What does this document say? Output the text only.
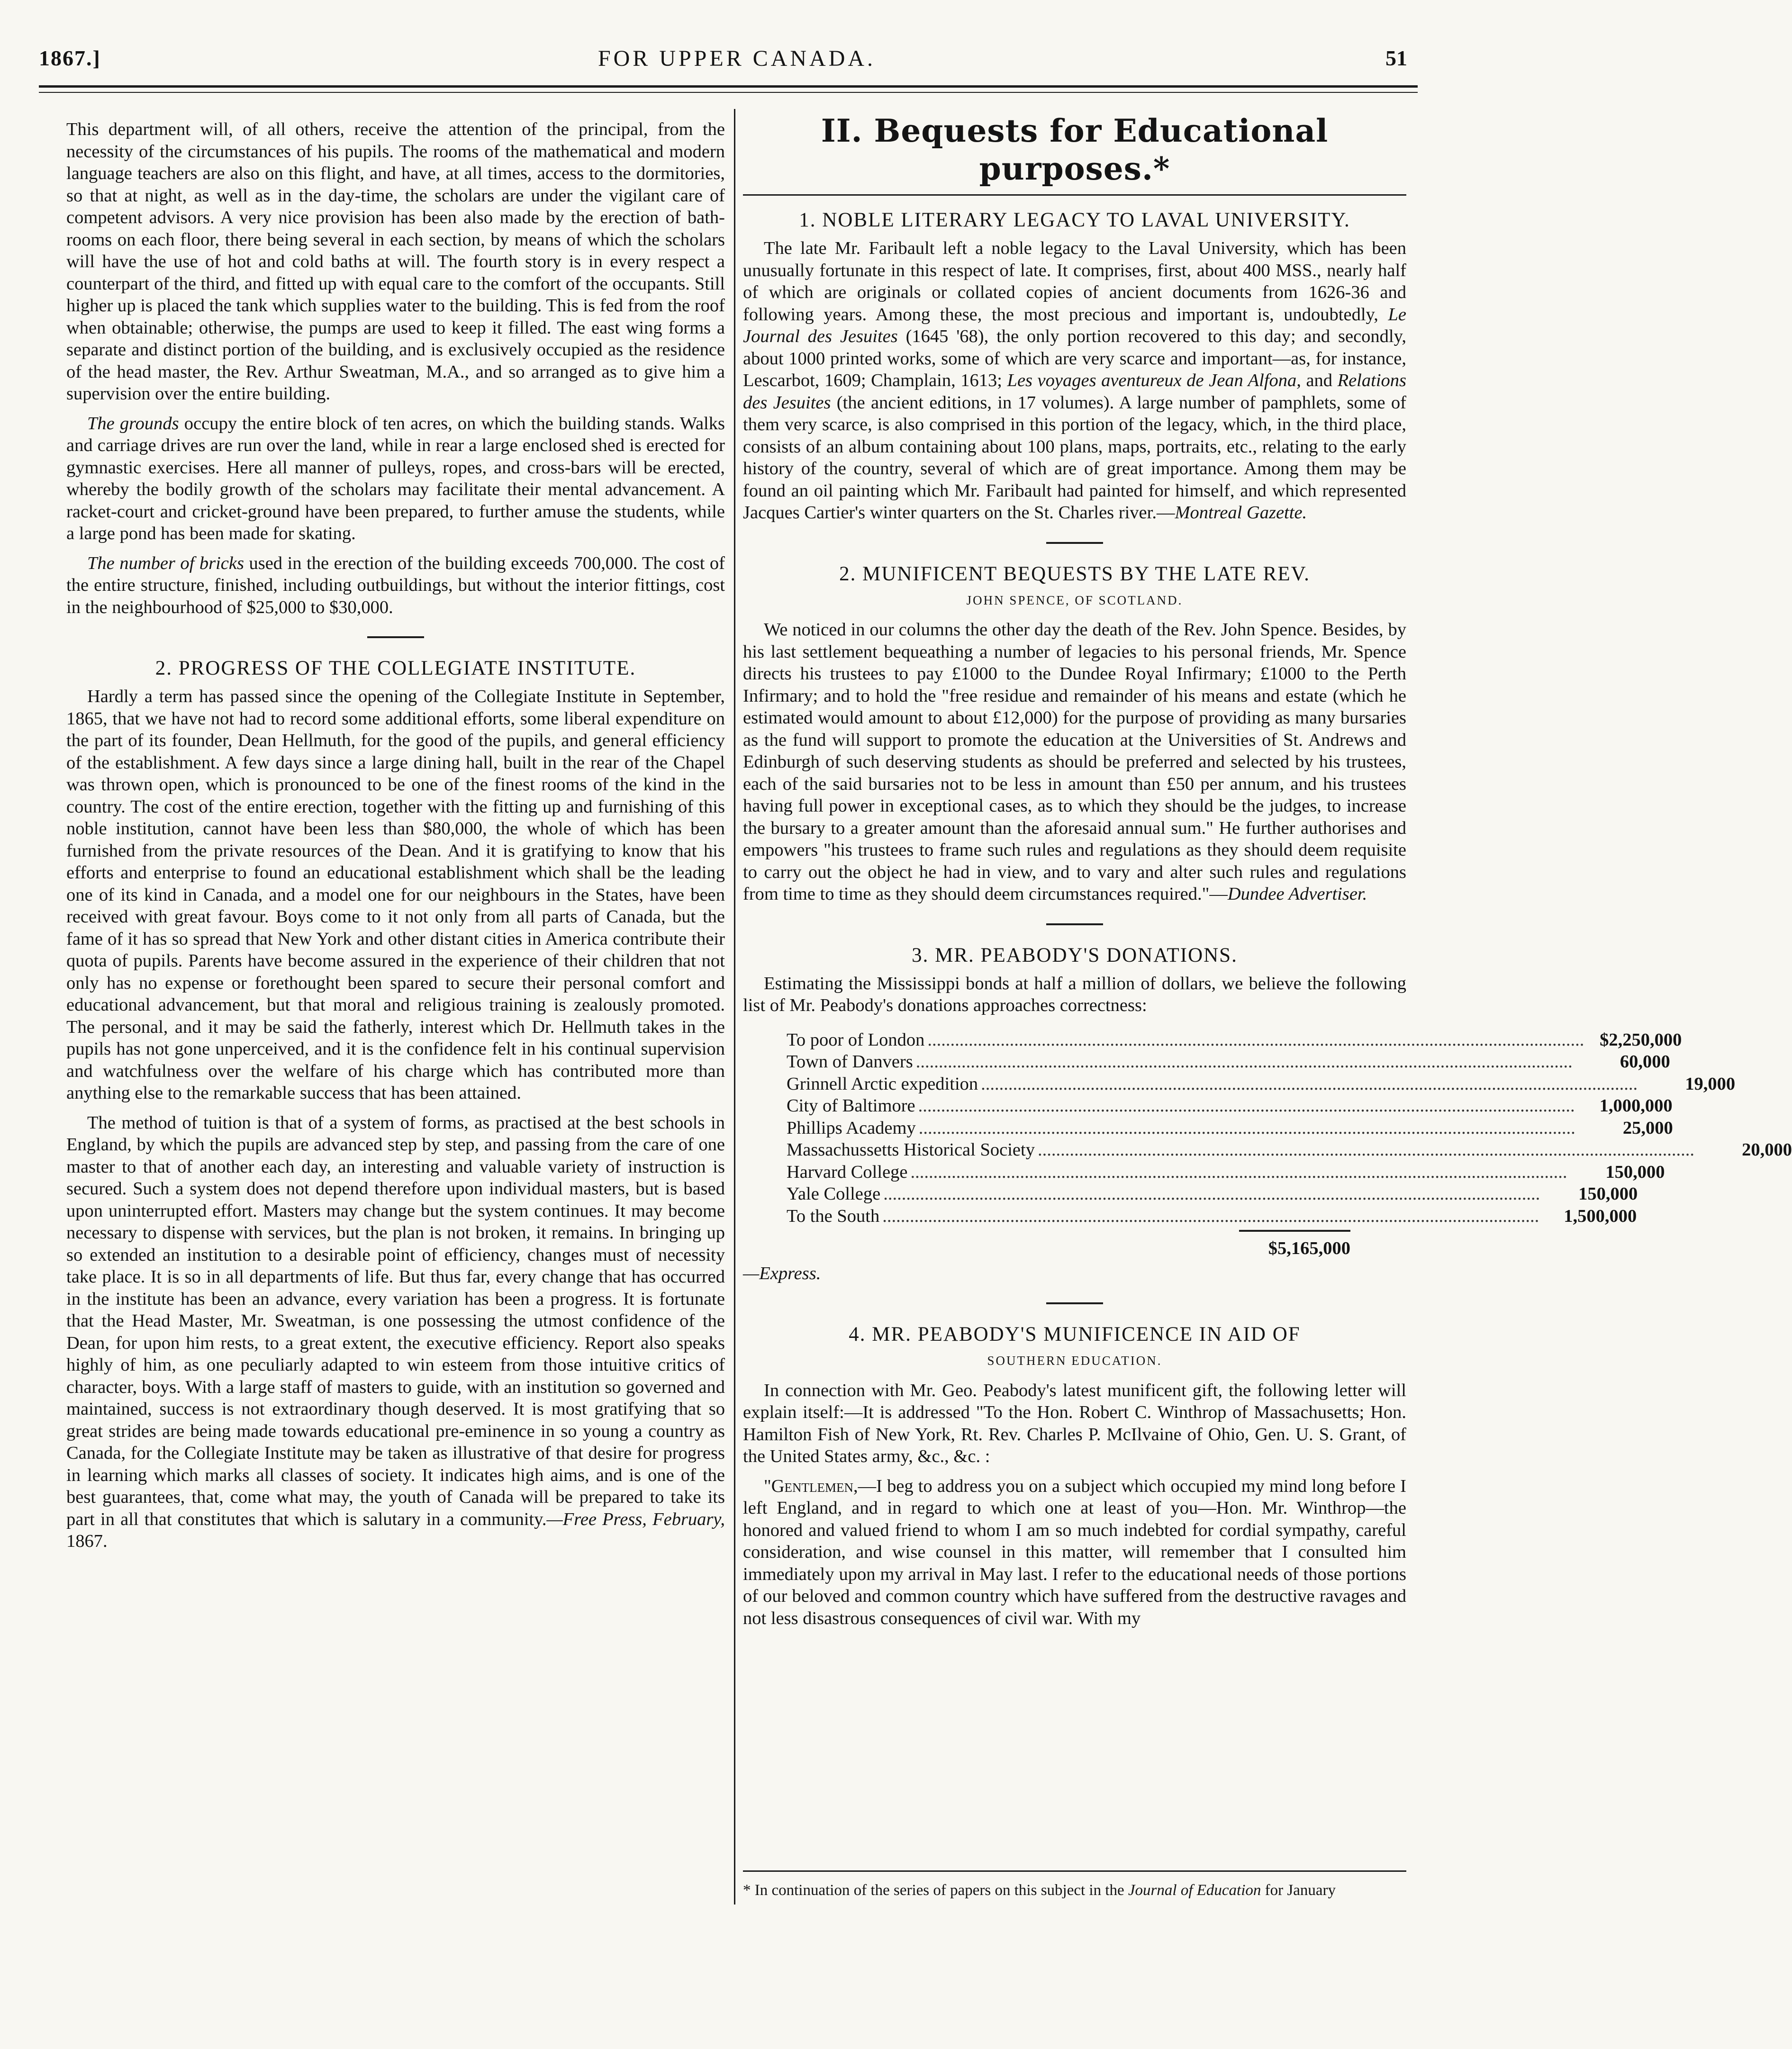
1867.]	FOR UPPER CANADA.	51

This department will, of all others, receive the attention of the principal, from the necessity of the circumstances of his pupils. The rooms of the mathematical and modern language teachers are also on this flight, and have, at all times, access to the dormitories, so that at night, as well as in the day-time, the scholars are under the vigilant care of competent advisors. A very nice provision has been also made by the erection of bath-rooms on each floor, there being several in each section, by means of which the scholars will have the use of hot and cold baths at will. The fourth story is in every respect a counterpart of the third, and fitted up with equal care to the comfort of the occupants. Still higher up is placed the tank which supplies water to the building. This is fed from the roof when obtainable; otherwise, the pumps are used to keep it filled. The east wing forms a separate and distinct portion of the building, and is exclusively occupied as the residence of the head master, the Rev. Arthur Sweatman, M.A., and so arranged as to give him a supervision over the entire building.

The grounds occupy the entire block of ten acres, on which the building stands. Walks and carriage drives are run over the land, while in rear a large enclosed shed is erected for gymnastic exercises. Here all manner of pulleys, ropes, and cross-bars will be erected, whereby the bodily growth of the scholars may facilitate their mental advancement. A racket-court and cricket-ground have been prepared, to further amuse the students, while a large pond has been made for skating.

The number of bricks used in the erection of the building exceeds 700,000. The cost of the entire structure, finished, including outbuildings, but without the interior fittings, cost in the neighbourhood of $25,000 to $30,000.

2. PROGRESS OF THE COLLEGIATE INSTITUTE.

Hardly a term has passed since the opening of the Collegiate Institute in September, 1865, that we have not had to record some additional efforts, some liberal expenditure on the part of its founder, Dean Hellmuth, for the good of the pupils, and general efficiency of the establishment. A few days since a large dining hall, built in the rear of the Chapel was thrown open, which is pronounced to be one of the finest rooms of the kind in the country. The cost of the entire erection, together with the fitting up and furnishing of this noble institution, cannot have been less than $80,000, the whole of which has been furnished from the private resources of the Dean. And it is gratifying to know that his efforts and enterprise to found an educational establishment which shall be the leading one of its kind in Canada, and a model one for our neighbours in the States, have been received with great favour. Boys come to it not only from all parts of Canada, but the fame of it has so spread that New York and other distant cities in America contribute their quota of pupils. Parents have become assured in the experience of their children that not only has no expense or forethought been spared to secure their personal comfort and educational advancement, but that moral and religious training is zealously promoted. The personal, and it may be said the fatherly, interest which Dr. Hellmuth takes in the pupils has not gone unperceived, and it is the confidence felt in his continual supervision and watchfulness over the welfare of his charge which has contributed more than anything else to the remarkable success that has been attained.

The method of tuition is that of a system of forms, as practised at the best schools in England, by which the pupils are advanced step by step, and passing from the care of one master to that of another each day, an interesting and valuable variety of instruction is secured. Such a system does not depend therefore upon individual masters, but is based upon uninterrupted effort. Masters may change but the system continues. It may become necessary to dispense with services, but the plan is not broken, it remains. In bringing up so extended an institution to a desirable point of efficiency, changes must of necessity take place. It is so in all departments of life. But thus far, every change that has occurred in the institute has been an advance, every variation has been a progress. It is fortunate that the Head Master, Mr. Sweatman, is one possessing the utmost confidence of the Dean, for upon him rests, to a great extent, the executive efficiency. Report also speaks highly of him, as one peculiarly adapted to win esteem from those intuitive critics of character, boys. With a large staff of masters to guide, with an institution so governed and maintained, success is not extraordinary though deserved. It is most gratifying that so great strides are being made towards educational pre-eminence in so young a country as Canada, for the Collegiate Institute may be taken as illustrative of that desire for progress in learning which marks all classes of society. It indicates high aims, and is one of the best guarantees, that, come what may, the youth of Canada will be prepared to take its part in all that constitutes that which is salutary in a community.—Free Press, February, 1867.

II. Bequests for Educational purposes.*
1. NOBLE LITERARY LEGACY TO LAVAL UNIVERSITY.

The late Mr. Faribault left a noble legacy to the Laval University, which has been unusually fortunate in this respect of late. It comprises, first, about 400 MSS., nearly half of which are originals or collated copies of ancient documents from 1626-36 and following years. Among these, the most precious and important is, undoubtedly, Le Journal des Jesuites (1645 '68), the only portion recovered to this day; and secondly, about 1000 printed works, some of which are very scarce and important—as, for instance, Lescarbot, 1609; Champlain, 1613; Les voyages aventureux de Jean Alfona, and Relations des Jesuites (the ancient editions, in 17 volumes). A large number of pamphlets, some of them very scarce, is also comprised in this portion of the legacy, which, in the third place, consists of an album containing about 100 plans, maps, portraits, etc., relating to the early history of the country, several of which are of great importance. Among them may be found an oil painting which Mr. Faribault had painted for himself, and which represented Jacques Cartier's winter quarters on the St. Charles river.—Montreal Gazette.

2. MUNIFICENT BEQUESTS BY THE LATE REV.
JOHN SPENCE, OF SCOTLAND.

We noticed in our columns the other day the death of the Rev. John Spence. Besides, by his last settlement bequeathing a number of legacies to his personal friends, Mr. Spence directs his trustees to pay £1000 to the Dundee Royal Infirmary; £1000 to the Perth Infirmary; and to hold the "free residue and remainder of his means and estate (which he estimated would amount to about £12,000) for the purpose of providing as many bursaries as the fund will support to promote the education at the Universities of St. Andrews and Edinburgh of such deserving students as should be preferred and selected by his trustees, each of the said bursaries not to be less in amount than £50 per annum, and his trustees having full power in exceptional cases, as to which they should be the judges, to increase the bursary to a greater amount than the aforesaid annual sum." He further authorises and empowers "his trustees to frame such rules and regulations as they should deem requisite to carry out the object he had in view, and to vary and alter such rules and regulations from time to time as they should deem circumstances required."—Dundee Advertiser.

3. MR. PEABODY'S DONATIONS.

Estimating the Mississippi bonds at half a million of dollars, we believe the following list of Mr. Peabody's donations approaches correctness:

To poor of London ................................................................................................................................................ $2,250,000
Town of Danvers ................................................................................................................................................	60,000
Grinnell Arctic expedition ................................................................................................................................................	19,000
City of Baltimore ................................................................................................................................................	1,000,000
Phillips Academy ................................................................................................................................................	25,000
Massachussetts Historical Society ................................................................................................................................................	20,000
Harvard College ................................................................................................................................................	150,000
Yale College ................................................................................................................................................	150,000
To the South ................................................................................................................................................	1,500,000
$5,165,000
—Express.
4. MR. PEABODY'S MUNIFICENCE IN AID OF
SOUTHERN EDUCATION.

In connection with Mr. Geo. Peabody's latest munificent gift, the following letter will explain itself:—It is addressed "To the Hon. Robert C. Winthrop of Massachusetts; Hon. Hamilton Fish of New York, Rt. Rev. Charles P. McIlvaine of Ohio, Gen. U. S. Grant, of the United States army, &c., &c. :

"Gentlemen,—I beg to address you on a subject which occupied my mind long before I left England, and in regard to which one at least of you—Hon. Mr. Winthrop—the honored and valued friend to whom I am so much indebted for cordial sympathy, careful consideration, and wise counsel in this matter, will remember that I consulted him immediately upon my arrival in May last. I refer to the educational needs of those portions of our beloved and common country which have suffered from the destructive ravages and not less disastrous consequences of civil war. With my

* In continuation of the series of papers on this subject in the Journal of Education for January
